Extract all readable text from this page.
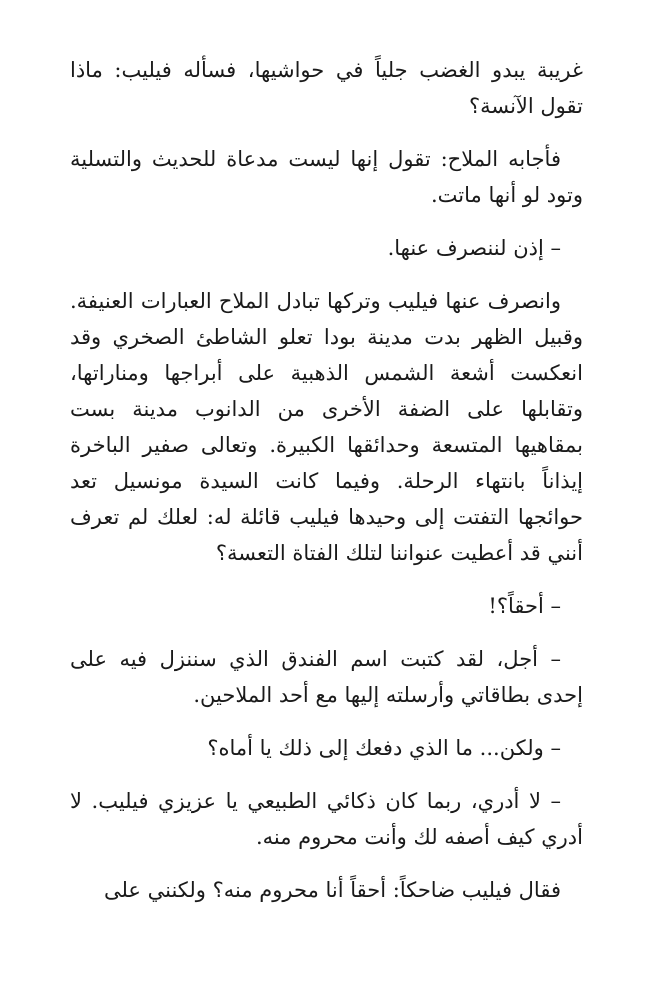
غريبة يبدو الغضب جلياً في حواشيها، فسأله فيليب: ماذا تقول الآنسة؟

فأجابه الملاح: تقول إنها ليست مدعاة للحديث والتسلية وتود لو أنها ماتت.

– إذن لننصرف عنها.

وانصرف عنها فيليب وتركها تبادل الملاح العبارات العنيفة. وقبيل الظهر بدت مدينة بودا تعلو الشاطئ الصخري وقد انعكست أشعة الشمس الذهبية على أبراجها ومناراتها، وتقابلها على الضفة الأخرى من الدانوب مدينة بست بمقاهيها المتسعة وحدائقها الكبيرة. وتعالى صفير الباخرة إيذاناً بانتهاء الرحلة. وفيما كانت السيدة مونسيل تعد حوائجها التفتت إلى وحيدها فيليب قائلة له: لعلك لم تعرف أنني قد أعطيت عنواننا لتلك الفتاة التعسة؟

– أحقاً؟!

– أجل، لقد كتبت اسم الفندق الذي سننزل فيه على إحدى بطاقاتي وأرسلته إليها مع أحد الملاحين.

– ولكن... ما الذي دفعك إلى ذلك يا أماه؟

– لا أدري، ربما كان ذكائي الطبيعي يا عزيزي فيليب. لا أدري كيف أصفه لك وأنت محروم منه.

فقال فيليب ضاحكاً: أحقاً أنا محروم منه؟ ولكنني على
